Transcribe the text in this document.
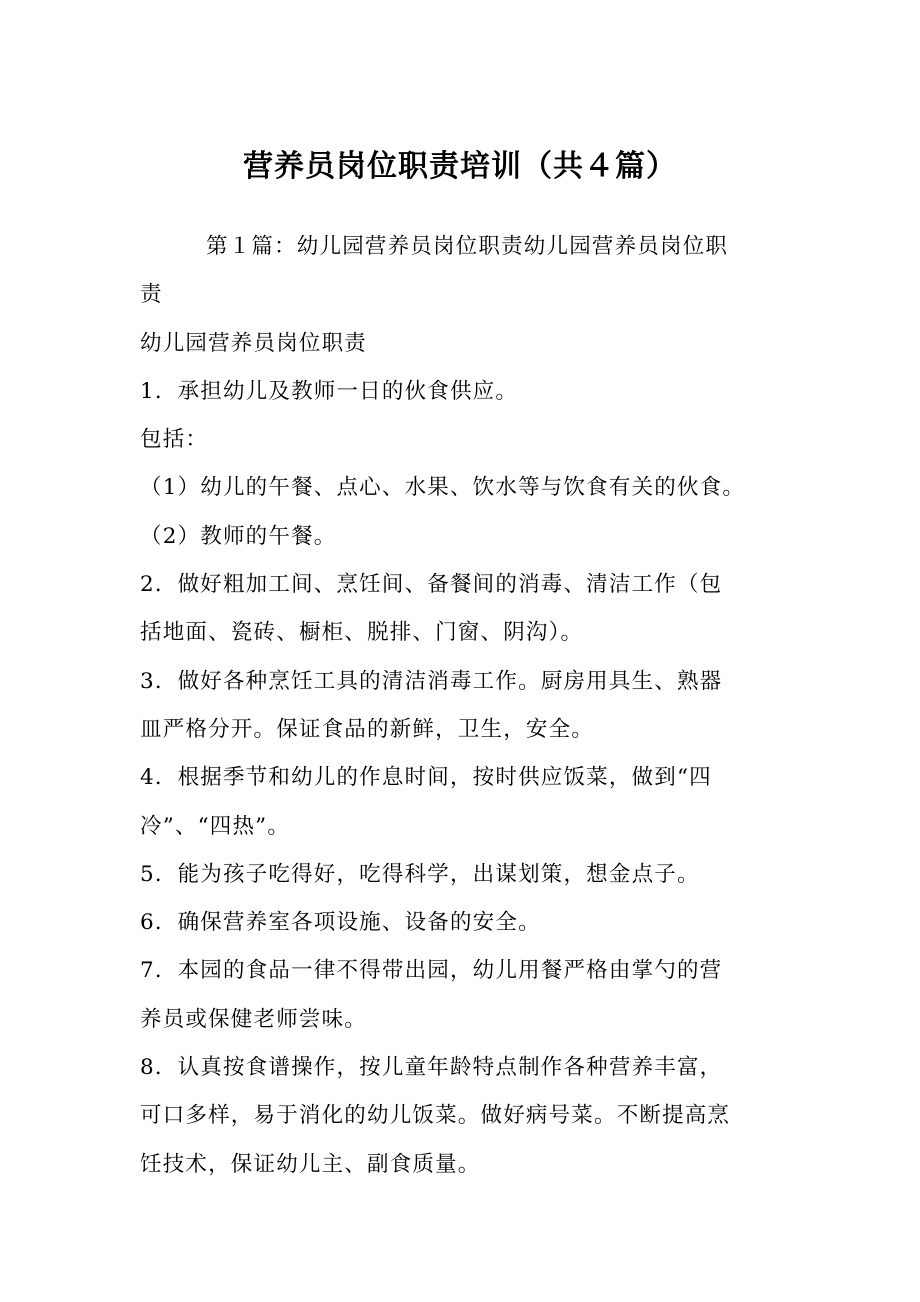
营养员岗位职责培训（共４篇）
第１篇：幼儿园营养员岗位职责幼儿园营养员岗位职
责
幼儿园营养员岗位职责
1．承担幼儿及教师一日的伙食供应。
包括：
（1）幼儿的午餐、点心、水果、饮水等与饮食有关的伙食。
（2）教师的午餐。
2．做好粗加工间、烹饪间、备餐间的消毒、清洁工作（包
括地面、瓷砖、橱柜、脱排、门窗、阴沟）。
3．做好各种烹饪工具的清洁消毒工作。厨房用具生、熟器
皿严格分开。保证食品的新鲜，卫生，安全。
4．根据季节和幼儿的作息时间，按时供应饭菜，做到“四
冷”、“四热”。
5．能为孩子吃得好，吃得科学，出谋划策，想金点子。
6．确保营养室各项设施、设备的安全。
7．本园的食品一律不得带出园，幼儿用餐严格由掌勺的营
养员或保健老师尝味。
8．认真按食谱操作，按儿童年龄特点制作各种营养丰富，
可口多样，易于消化的幼儿饭菜。做好病号菜。不断提高烹
饪技术，保证幼儿主、副食质量。
